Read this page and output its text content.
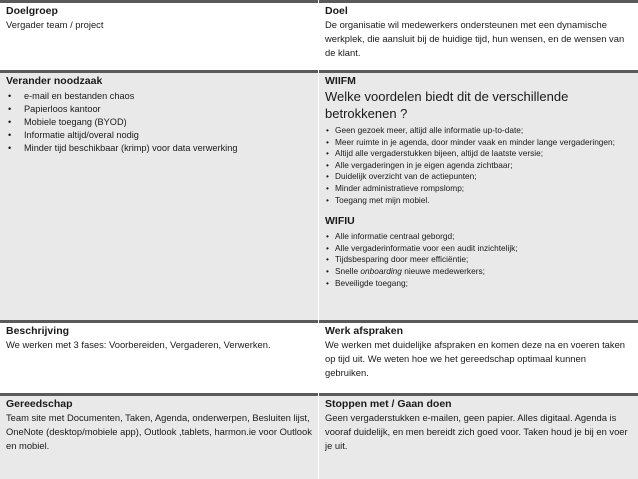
Doelgroep
Vergader team / project
Doel
De organisatie wil medewerkers ondersteunen met een dynamische werkplek, die aansluit bij de huidige tijd, hun wensen, en de wensen van de klant.
Verander noodzaak
• e-mail en bestanden chaos
• Papierloos kantoor
• Mobiele toegang (BYOD)
• Informatie altijd/overal nodig
• Minder tijd beschikbaar (krimp) voor data verwerking
WIIFM
Welke voordelen biedt dit de verschillende betrokkenen ?
• Geen gezoek meer, altijd alle informatie up-to-date;
• Meer ruimte in je agenda, door minder vaak en minder lange vergaderingen;
• Altijd alle vergaderstukken bijeen, altijd de laatste versie;
• Alle vergaderingen in je eigen agenda zichtbaar;
• Duidelijk overzicht van de actiepunten;
• Minder administratieve rompslomp;
• Toegang met mijn mobiel.
WIFIU
• Alle informatie centraal geborgd;
• Alle vergaderinformatie voor een audit inzichtelijk;
• Tijdsbesparing door meer efficiëntie;
• Snelle onboarding nieuwe medewerkers;
• Beveiligde toegang;
Beschrijving
We werken met 3 fases: Voorbereiden, Vergaderen, Verwerken.
Werk afspraken
We werken met duidelijke afspraken en komen deze na en voeren taken op tijd uit. We weten hoe we het gereedschap optimaal kunnen gebruiken.
Gereedschap
Team site met Documenten, Taken, Agenda, onderwerpen, Besluiten lijst, OneNote (desktop/mobiele app), Outlook ,tablets, harmon.ie voor Outlook en mobiel.
Stoppen met / Gaan doen
Geen vergaderstukken e-mailen, geen papier. Alles digitaal. Agenda is vooraf duidelijk, en men bereidt zich goed voor. Taken houd je bij en voer je uit.
